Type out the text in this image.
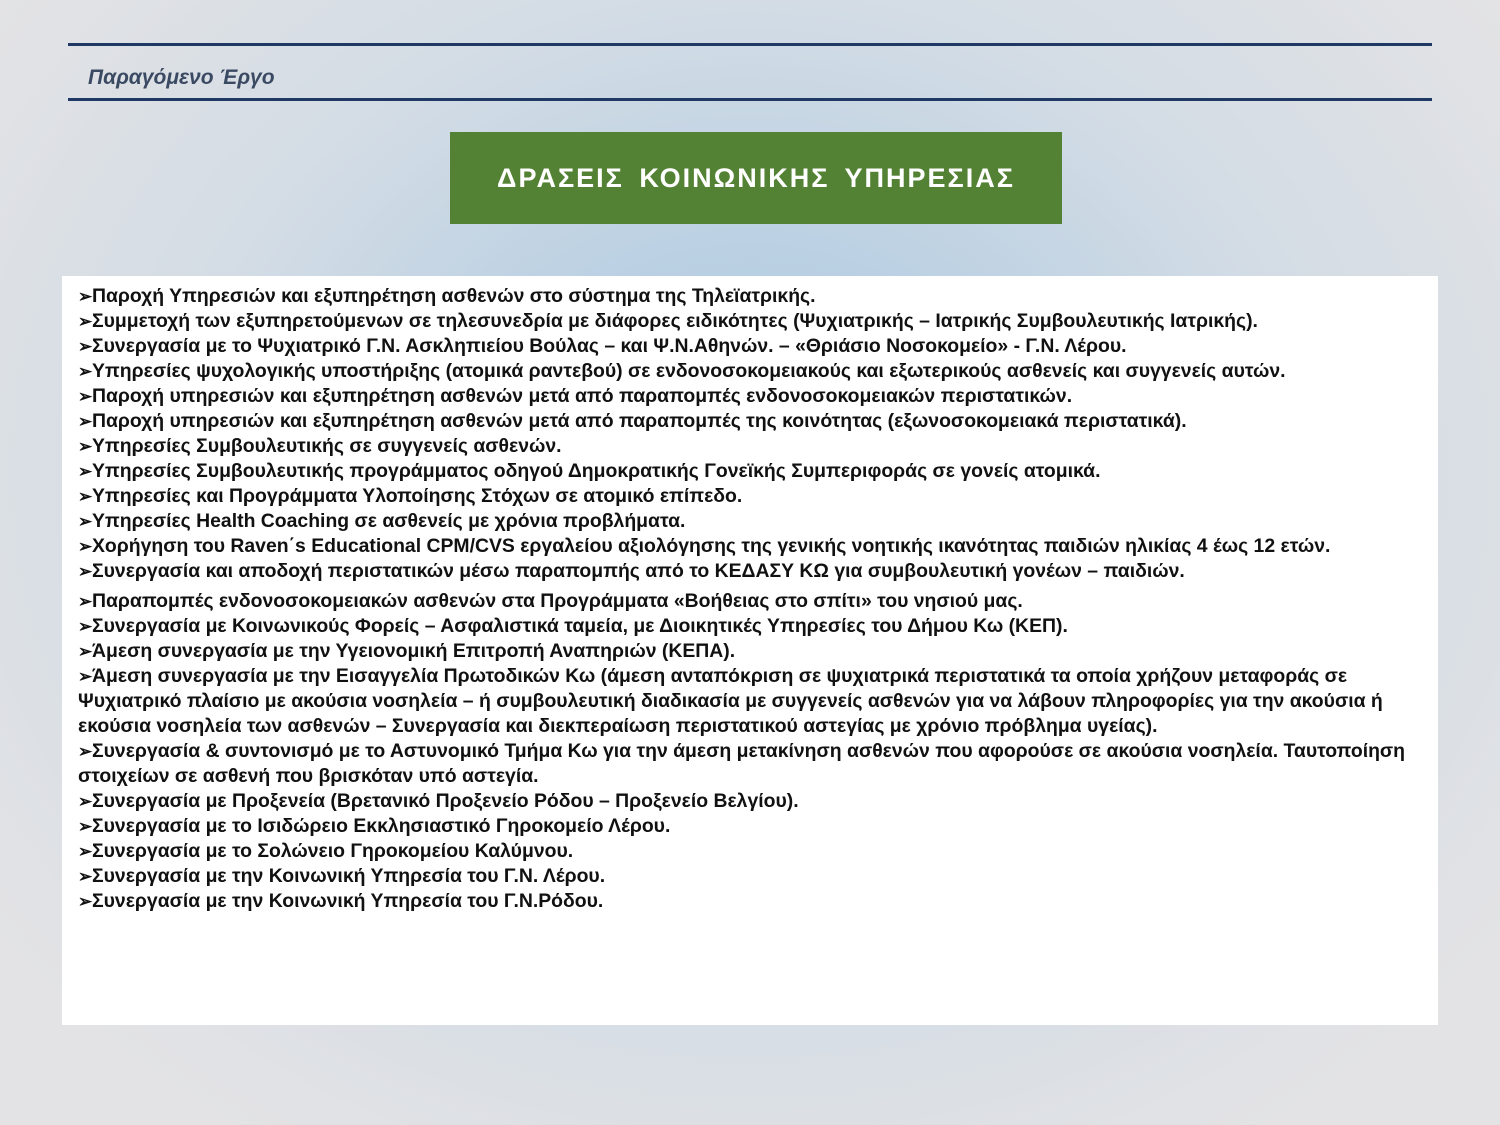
Παραγόμενο Έργο
ΔΡΑΣΕΙΣ ΚΟΙΝΩΝΙΚΗΣ ΥΠΗΡΕΣΙΑΣ
➢Παροχή Υπηρεσιών και εξυπηρέτηση ασθενών στο σύστημα της Τηλεϊατρικής.
➢Συμμετοχή των εξυπηρετούμενων σε τηλεσυνεδρία με διάφορες ειδικότητες (Ψυχιατρικής – Ιατρικής Συμβουλευτικής Ιατρικής).
➢Συνεργασία με το Ψυχιατρικό Γ.Ν. Ασκληπιείου Βούλας – και Ψ.Ν.Αθηνών. – «Θριάσιο Νοσοκομείο» - Γ.Ν. Λέρου.
➢Υπηρεσίες ψυχολογικής υποστήριξης (ατομικά ραντεβού) σε ενδονοσοκομειακούς και εξωτερικούς ασθενείς και συγγενείς αυτών.
➢Παροχή υπηρεσιών και εξυπηρέτηση ασθενών μετά από παραπομπές ενδονοσοκομειακών περιστατικών.
➢Παροχή υπηρεσιών και εξυπηρέτηση ασθενών μετά από παραπομπές της κοινότητας (εξωνοσοκομειακά περιστατικά).
➢Υπηρεσίες Συμβουλευτικής σε συγγενείς ασθενών.
➢Υπηρεσίες Συμβουλευτικής προγράμματος οδηγού Δημοκρατικής Γονεϊκής Συμπεριφοράς σε γονείς ατομικά.
➢Υπηρεσίες και Προγράμματα Υλοποίησης Στόχων σε ατομικό επίπεδο.
➢Υπηρεσίες Health Coaching σε ασθενείς με χρόνια προβλήματα.
➢Χορήγηση του Raven΄s Educational CPM/CVS εργαλείου αξιολόγησης της γενικής νοητικής ικανότητας παιδιών ηλικίας 4 έως 12 ετών.
➢Συνεργασία και αποδοχή περιστατικών μέσω παραπομπής από το ΚΕΔΑΣΥ ΚΩ για συμβουλευτική γονέων – παιδιών.
➢Παραπομπές ενδονοσοκομειακών ασθενών στα Προγράμματα «Βοήθειας στο σπίτι» του νησιού μας.
➢Συνεργασία με Κοινωνικούς Φορείς – Ασφαλιστικά ταμεία, με Διοικητικές Υπηρεσίες του Δήμου Κω (ΚΕΠ).
➢Άμεση συνεργασία με την Υγειονομική Επιτροπή Αναπηριών (ΚΕΠΑ).
➢Άμεση συνεργασία με την Εισαγγελία Πρωτοδικών Κω (άμεση ανταπόκριση σε ψυχιατρικά περιστατικά τα οποία χρήζουν μεταφοράς σε Ψυχιατρικό πλαίσιο με ακούσια νοσηλεία – ή συμβουλευτική διαδικασία με συγγενείς ασθενών για να λάβουν πληροφορίες για την ακούσια ή εκούσια νοσηλεία των ασθενών – Συνεργασία και διεκπεραίωση περιστατικού αστεγίας με χρόνιο πρόβλημα υγείας).
➢Συνεργασία & συντονισμό με το Αστυνομικό Τμήμα Κω για την άμεση μετακίνηση ασθενών που αφορούσε σε ακούσια νοσηλεία. Ταυτοποίηση στοιχείων σε ασθενή που βρισκόταν υπό αστεγία.
➢Συνεργασία με Προξενεία (Βρετανικό Προξενείο Ρόδου – Προξενείο Βελγίου).
➢Συνεργασία με το Ισιδώρειο Εκκλησιαστικό Γηροκομείο Λέρου.
➢Συνεργασία με το Σολώνειο Γηροκομείου Καλύμνου.
➢Συνεργασία με την Κοινωνική Υπηρεσία του Γ.Ν. Λέρου.
➢Συνεργασία με την Κοινωνική Υπηρεσία του Γ.Ν.Ρόδου.
